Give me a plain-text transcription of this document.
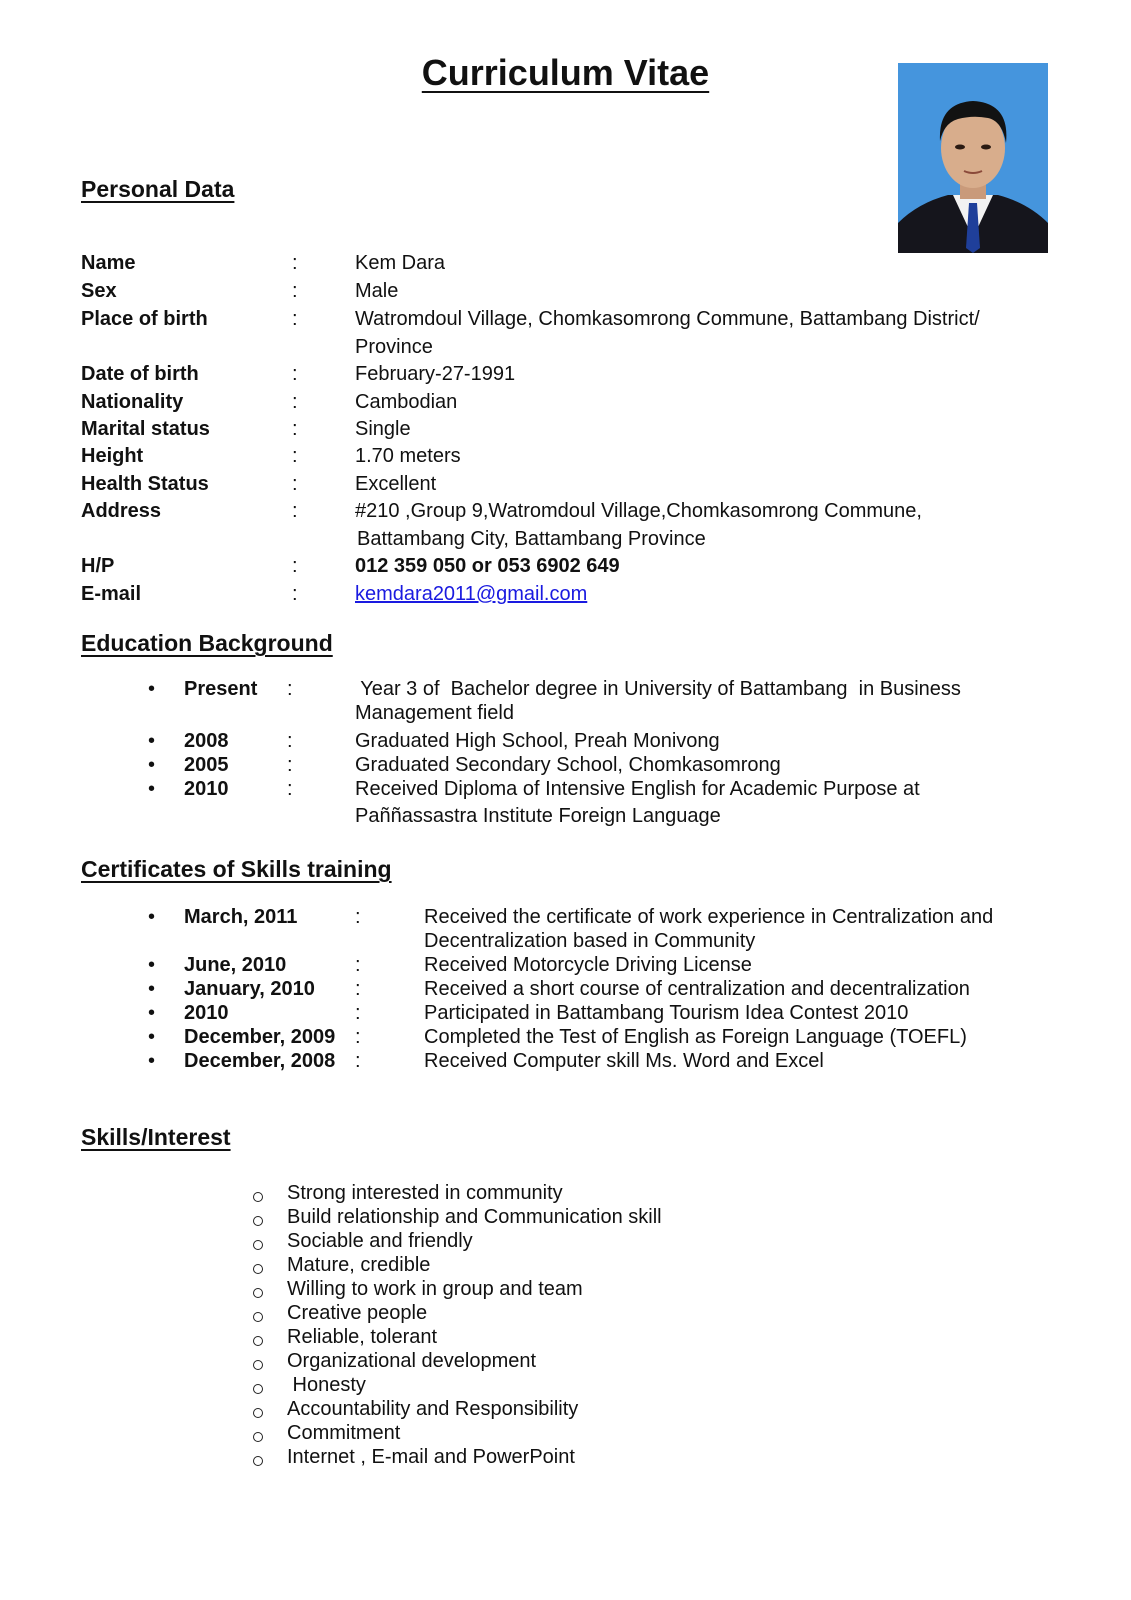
Curriculum Vitae
Personal Data
Name	:	Kem Dara
Sex	:	Male
Place of birth	:	Watromdoul Village, Chomkasomrong Commune, Battambang District/
Province
Date of birth	:	February-27-1991
Nationality	:	Cambodian
Marital status	:	Single
Height	:	1.70 meters
Health Status	:	Excellent
Address	:	#210 ,Group 9,Watromdoul Village,Chomkasomrong Commune,
Battambang City, Battambang Province
H/P	:	012 359 050 or 053 6902 649
E-mail	:	kemdara2011@gmail.com
Education Background
• Present :	Year 3 of  Bachelor degree in University of Battambang  in Business
Management field
• 2008	:	Graduated High School, Preah Monivong
• 2005	:	Graduated Secondary School, Chomkasomrong
• 2010	:	Received Diploma of Intensive English for Academic Purpose at
Paññassastra Institute Foreign Language
Certificates of Skills training
• March, 2011	:	Received the certificate of work experience in Centralization and
Decentralization based in Community
• June, 2010	:	Received Motorcycle Driving License
• January, 2010 :	Received a short course of centralization and decentralization
• 2010	:	Participated in Battambang Tourism Idea Contest 2010
• December, 2009 :	Completed the Test of English as Foreign Language (TOEFL)
• December, 2008 :	Received Computer skill Ms. Word and Excel
Skills/Interest
Strong interested in community
Build relationship and Communication skill
Sociable and friendly
Mature, credible
Willing to work in group and team
Creative people
Reliable, tolerant
Organizational development
Honesty
Accountability and Responsibility
Commitment
Internet , E-mail and PowerPoint
